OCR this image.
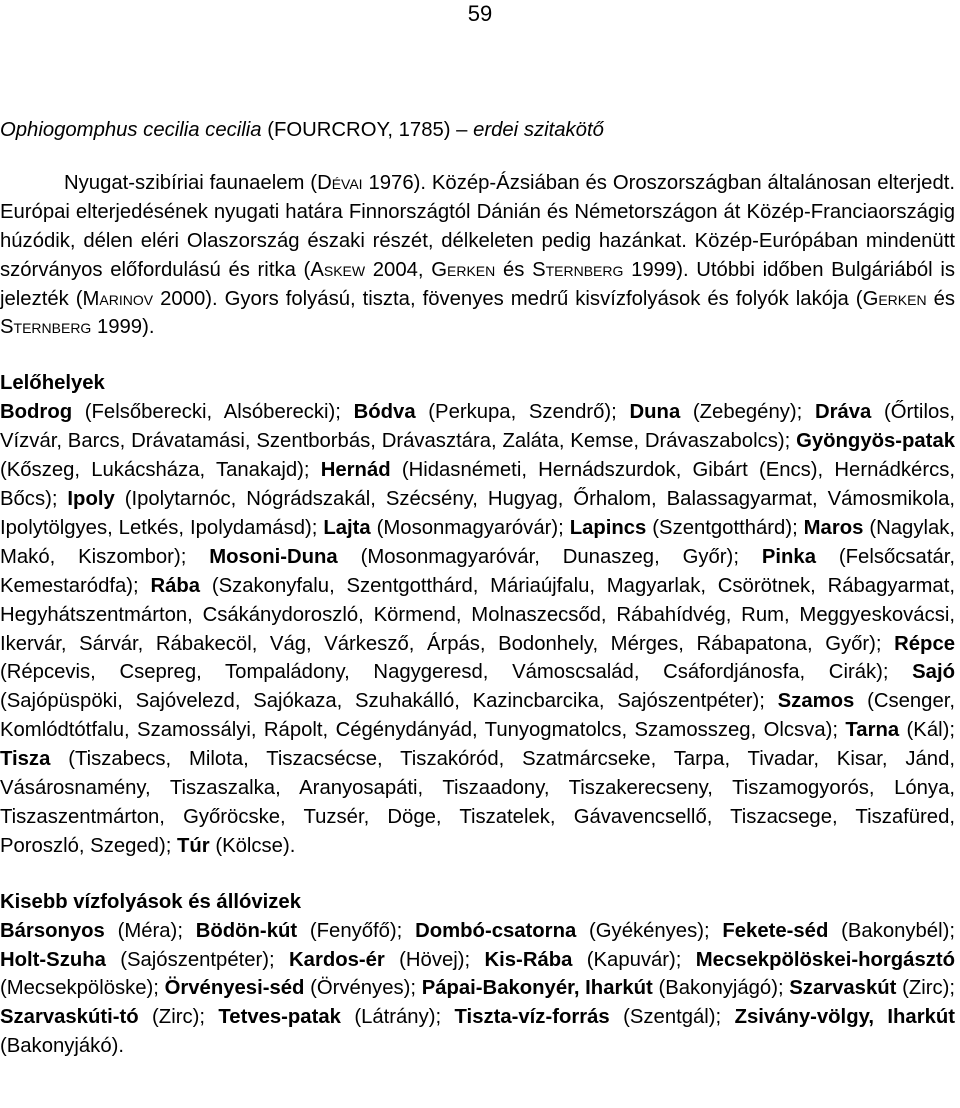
59
Ophiogomphus cecilia cecilia (FOURCROY, 1785) – erdei szitakötő

Nyugat-szibíriai faunaelem (Dévai 1976). Közép-Ázsiában és Oroszországban általánosan elterjedt. Európai elterjedésének nyugati határa Finnországtól Dánián és Németországon át Közép-Franciaországig húzódik, délen eléri Olaszország északi részét, délkeleten pedig hazánkat. Közép-Európában mindenütt szórványos előfordulású és ritka (Askew 2004, Gerken és Sternberg 1999). Utóbbi időben Bulgáriából is jelezték (Marinov 2000). Gyors folyású, tiszta, fövenyes medrű kisvízfolyások és folyók lakója (Gerken és Sternberg 1999).

Lelőhelyek

Bodrog (Felsőberecki, Alsóberecki); Bódva (Perkupa, Szendrő); Duna (Zebegény); Dráva (Őrtilos, Vízvár, Barcs, Drávatamási, Szentborbás, Drávasztára, Zaláta, Kemse, Drávaszabolcs); Gyöngyös-patak (Kőszeg, Lukácsháza, Tanakajd); Hernád (Hidasnémeti, Hernádszurdok, Gibárt (Encs), Hernádkércs, Bőcs); Ipoly (Ipolytarnóc, Nógrádszakál, Szécsény, Hugyag, Őrhalom, Balassagyarmat, Vámosmikola, Ipolytölgyes, Letkés, Ipolydamásd); Lajta (Mosonmagyaróvár); Lapincs (Szentgotthárd); Maros (Nagylak, Makó, Kiszombor); Mosoni-Duna (Mosonmagyaróvár, Dunaszeg, Győr); Pinka (Felsőcsatár, Kemestaródfa); Rába (Szakonyfalu, Szentgotthárd, Máriaújfalu, Magyarlak, Csörötnek, Rábagyarmat, Hegyhátszentmárton, Csákánydoroszló, Körmend, Molnaszecsőd, Rábahídvég, Rum, Meggyeskovácsi, Ikervár, Sárvár, Rábakecöl, Vág, Várkesző, Árpás, Bodonhely, Mérges, Rábapatona, Győr); Répce (Répcevis, Csepreg, Tompaládony, Nagygeresd, Vámoscsalád, Csáfordjánosfa, Cirák); Sajó (Sajópüspöki, Sajóvelezd, Sajókaza, Szuhakálló, Kazincbarcika, Sajószentpéter); Szamos (Csenger, Komlódtótfalu, Szamossályi, Rápolt, Cégénydányád, Tunyogmatolcs, Szamosszeg, Olcsva); Tarna (Kál); Tisza (Tiszabecs, Milota, Tiszacsécse, Tiszakóród, Szatmárcseke, Tarpa, Tivadar, Kisar, Jánd, Vásárosnamény, Tiszaszalka, Aranyosapáti, Tiszaadony, Tiszakerecseny, Tiszamogyorós, Lónya, Tiszaszentmárton, Győröcske, Tuzsér, Döge, Tiszatelek, Gávavencsellő, Tiszacsege, Tiszafüred, Poroszló, Szeged); Túr (Kölcse).

Kisebb vízfolyások és állóvizek

Bársonyos (Méra); Bödön-kút (Fenyőfő); Dombó-csatorna (Gyékényes); Fekete-séd (Bakonybél); Holt-Szuha (Sajószentpéter); Kardos-ér (Hövej); Kis-Rába (Kapuvár); Mecsekpölöskei-horgásztó (Mecsekpölöske); Örvényesi-séd (Örvényes); Pápai-Bakonyér, Iharkút (Bakonyjágó); Szarvaskút (Zirc); Szarvaskúti-tó (Zirc); Tetves-patak (Látrány); Tiszta-víz-forrás (Szentgál); Zsivány-völgy, Iharkút (Bakonyjákó).
